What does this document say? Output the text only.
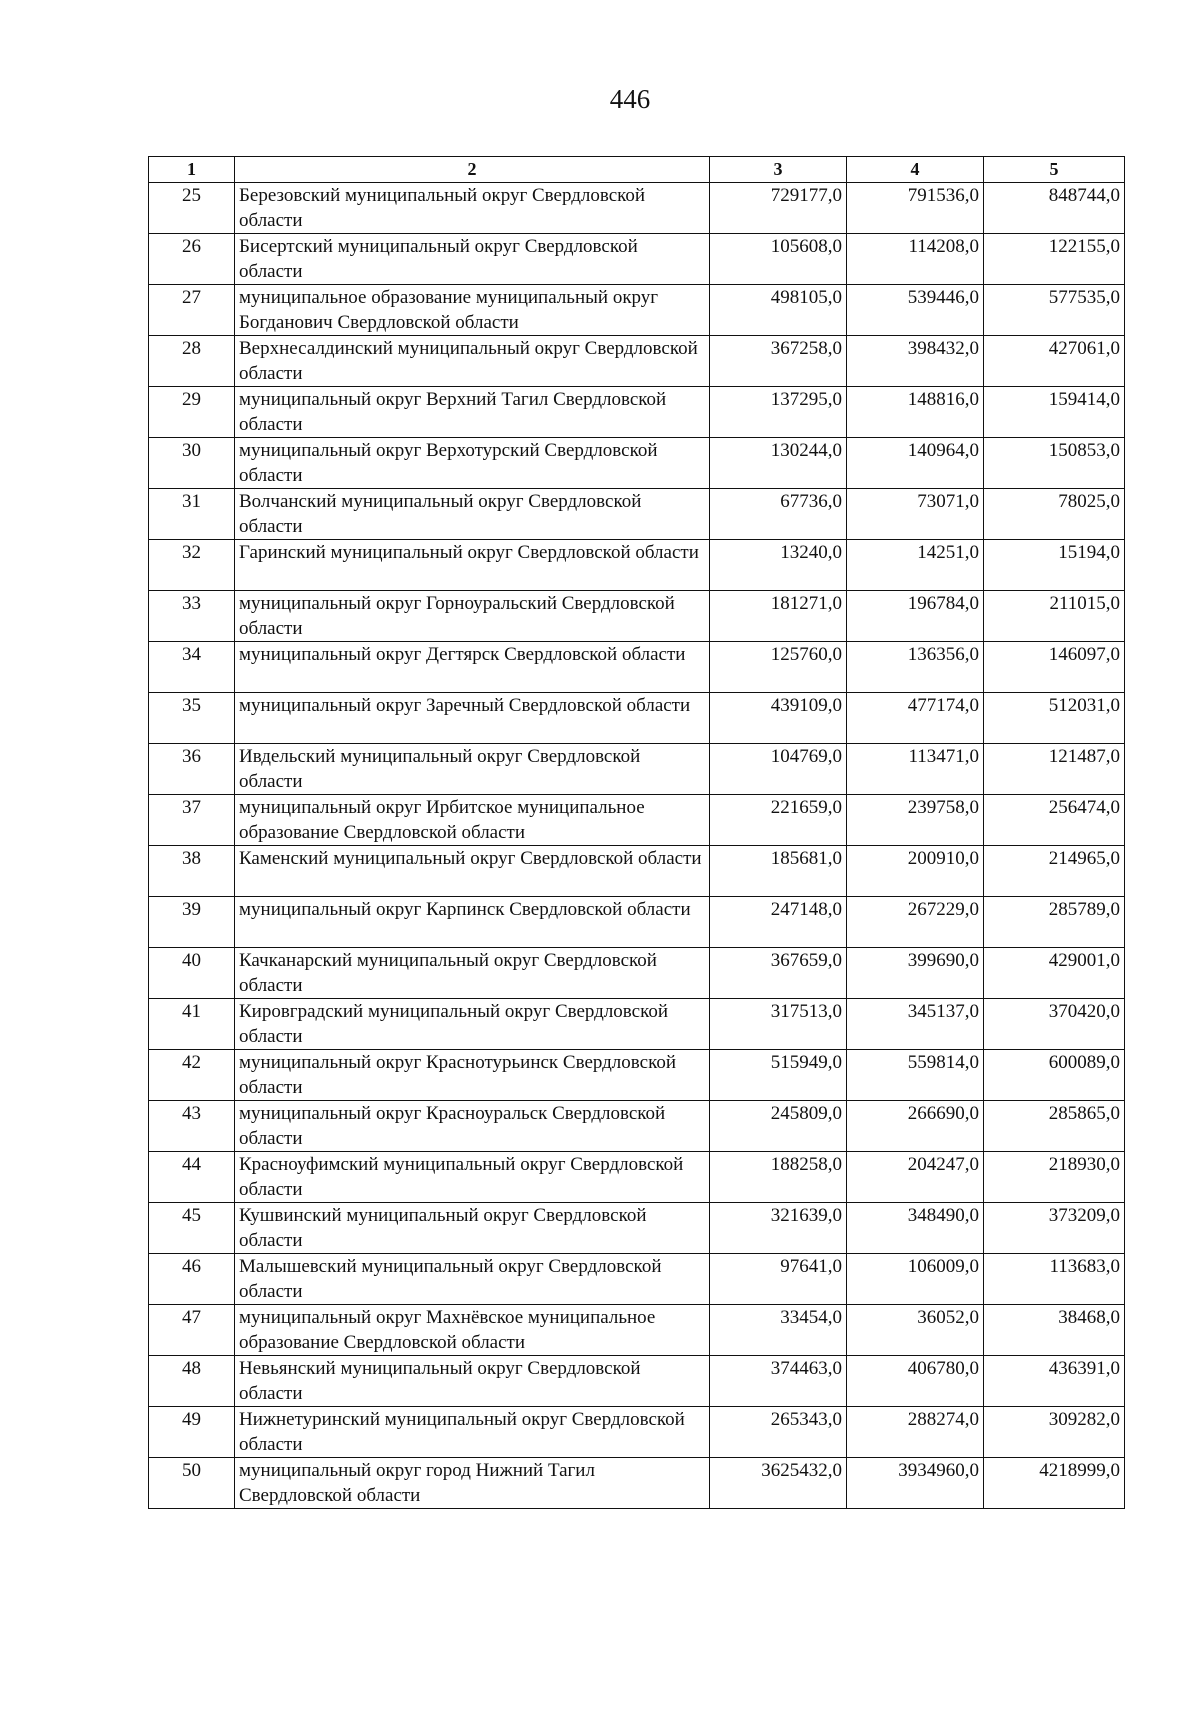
446
1	2	3	4	5
25	Березовский муниципальный округ Свердловской области	729177,0	791536,0	848744,0
26	Бисертский муниципальный округ Свердловской области	105608,0	114208,0	122155,0
27	муниципальное образование муниципальный округ Богданович Свердловской области	498105,0	539446,0	577535,0
28	Верхнесалдинский муниципальный округ Свердловской области	367258,0	398432,0	427061,0
29	муниципальный округ Верхний Тагил Свердловской области	137295,0	148816,0	159414,0
30	муниципальный округ Верхотурский Свердловской области	130244,0	140964,0	150853,0
31	Волчанский муниципальный округ Свердловской области	67736,0	73071,0	78025,0
32	Гаринский муниципальный округ Свердловской области	13240,0	14251,0	15194,0
33	муниципальный округ Горноуральский Свердловской области	181271,0	196784,0	211015,0
34	муниципальный округ Дегтярск Свердловской области	125760,0	136356,0	146097,0
35	муниципальный округ Заречный Свердловской области	439109,0	477174,0	512031,0
36	Ивдельский муниципальный округ Свердловской области	104769,0	113471,0	121487,0
37	муниципальный округ Ирбитское муниципальное образование Свердловской области	221659,0	239758,0	256474,0
38	Каменский муниципальный округ Свердловской области	185681,0	200910,0	214965,0
39	муниципальный округ Карпинск Свердловской области	247148,0	267229,0	285789,0
40	Качканарский муниципальный округ Свердловской области	367659,0	399690,0	429001,0
41	Кировградский муниципальный округ Свердловской области	317513,0	345137,0	370420,0
42	муниципальный округ Краснотурьинск Свердловской области	515949,0	559814,0	600089,0
43	муниципальный округ Красноуральск Свердловской области	245809,0	266690,0	285865,0
44	Красноуфимский муниципальный округ Свердловской области	188258,0	204247,0	218930,0
45	Кушвинский муниципальный округ Свердловской области	321639,0	348490,0	373209,0
46	Малышевский муниципальный округ Свердловской области	97641,0	106009,0	113683,0
47	муниципальный округ Махнёвское муниципальное образование Свердловской области	33454,0	36052,0	38468,0
48	Невьянский муниципальный округ Свердловской области	374463,0	406780,0	436391,0
49	Нижнетуринский муниципальный округ Свердловской области	265343,0	288274,0	309282,0
50	муниципальный округ город Нижний Тагил Свердловской области	3625432,0	3934960,0	4218999,0
